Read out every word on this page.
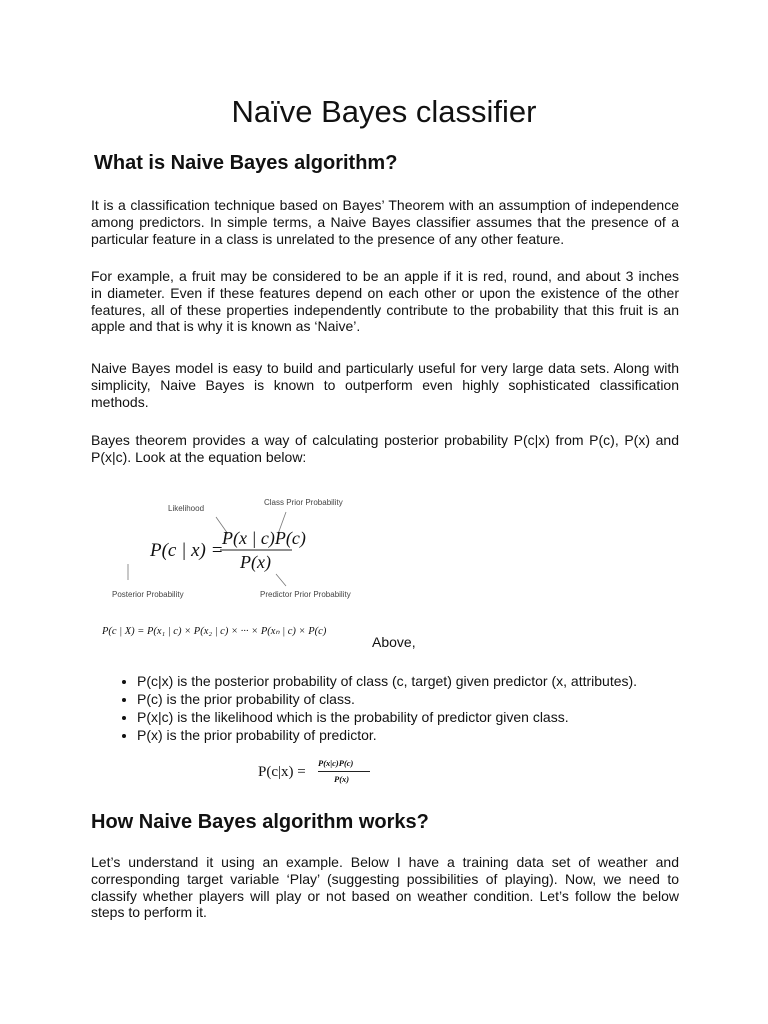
Naïve Bayes classifier
What is Naive Bayes algorithm?
It is a classification technique based on Bayes’ Theorem with an assumption of independence
among predictors. In simple terms, a Naive Bayes classifier assumes that the presence of a
particular feature in a class is unrelated to the presence of any other feature.
For example, a fruit may be considered to be an apple if it is red, round, and about 3 inches
in diameter. Even if these features depend on each other or upon the existence of the other
features, all of these properties independently contribute to the probability that this fruit is an
apple and that is why it is known as ‘Naive’.
Naive Bayes model is easy to build and particularly useful for very large data sets. Along with
simplicity, Naive Bayes is known to outperform even highly sophisticated classification
methods.
Bayes theorem provides a way of calculating posterior probability P(c|x) from P(c), P(x) and
P(x|c). Look at the equation below:
Likelihood
Class Prior Probability
Posterior Probability	Predictor Prior Probability
P(c | x) =
P(x | c)P(c)
P(x)
P(c | X) = P(x₁ | c) × P(x₂ | c) × ··· × P(xₙ | c) × P(c)
Above,
• P(c|x) is the posterior probability of class (c, target) given predictor (x, attributes).
• P(c) is the prior probability of class.
• P(x|c) is the likelihood which is the probability of predictor given class.
• P(x) is the prior probability of predictor.
P(c|x) =
P(x|c)P(c)
P(x)
How Naive Bayes algorithm works?
Let’s understand it using an example. Below I have a training data set of weather and
corresponding target variable ‘Play’ (suggesting possibilities of playing). Now, we need to
classify whether players will play or not based on weather condition. Let’s follow the below
steps to perform it.
